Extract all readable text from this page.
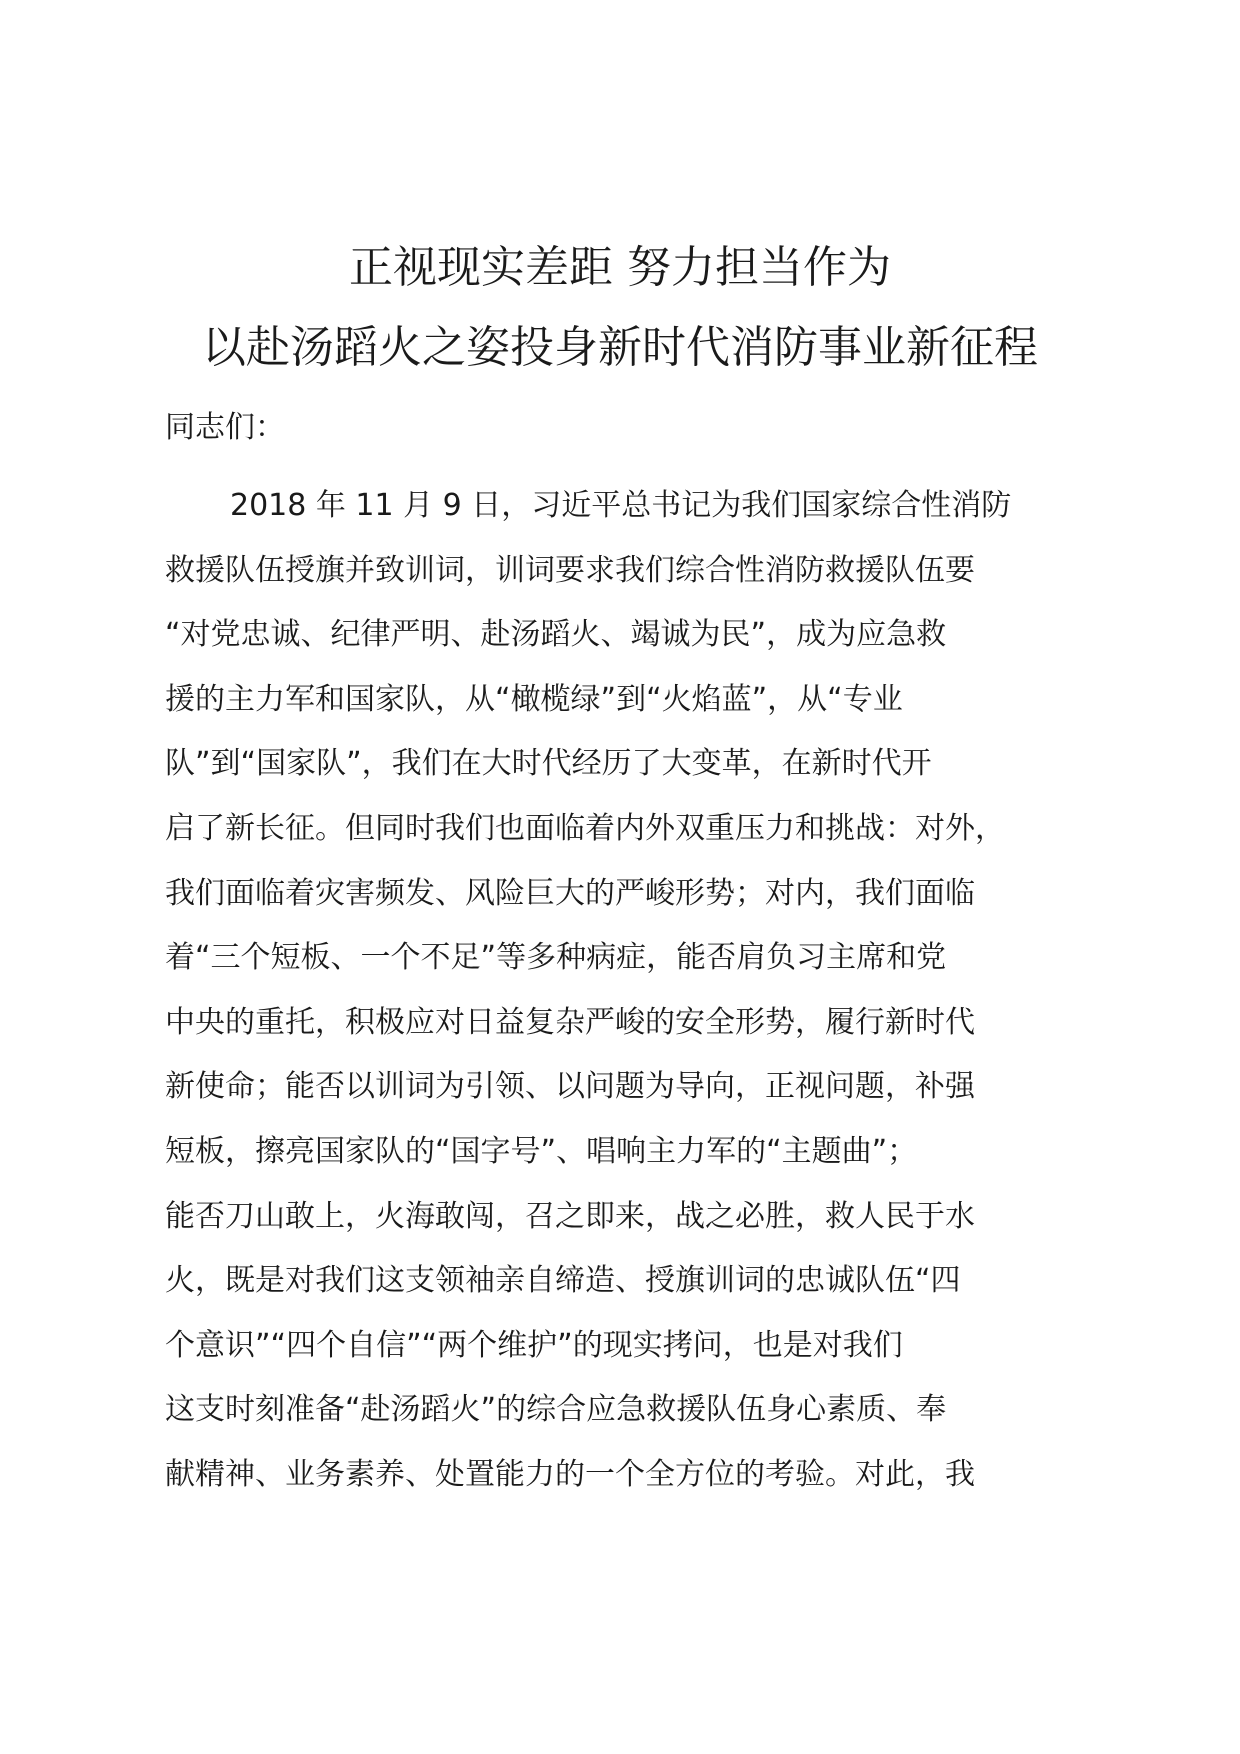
正视现实差距 努力担当作为
以赴汤蹈火之姿投身新时代消防事业新征程
同志们：
2018 年 11 月 9 日，习近平总书记为我们国家综合性消防
救援队伍授旗并致训词，训词要求我们综合性消防救援队伍要
“对党忠诚、纪律严明、赴汤蹈火、竭诚为民”，成为应急救
援的主力军和国家队，从“橄榄绿”到“火焰蓝”，从“专业
队”到“国家队”，我们在大时代经历了大变革，在新时代开
启了新长征。但同时我们也面临着内外双重压力和挑战：对外，
我们面临着灾害频发、风险巨大的严峻形势；对内，我们面临
着“三个短板、一个不足”等多种病症，能否肩负习主席和党
中央的重托，积极应对日益复杂严峻的安全形势，履行新时代
新使命；能否以训词为引领、以问题为导向，正视问题，补强
短板，擦亮国家队的“国字号”、唱响主力军的“主题曲”；
能否刀山敢上，火海敢闯，召之即来，战之必胜，救人民于水
火，既是对我们这支领袖亲自缔造、授旗训词的忠诚队伍“四
个意识”“四个自信”“两个维护”的现实拷问，也是对我们
这支时刻准备“赴汤蹈火”的综合应急救援队伍身心素质、奉
献精神、业务素养、处置能力的一个全方位的考验。对此，我
